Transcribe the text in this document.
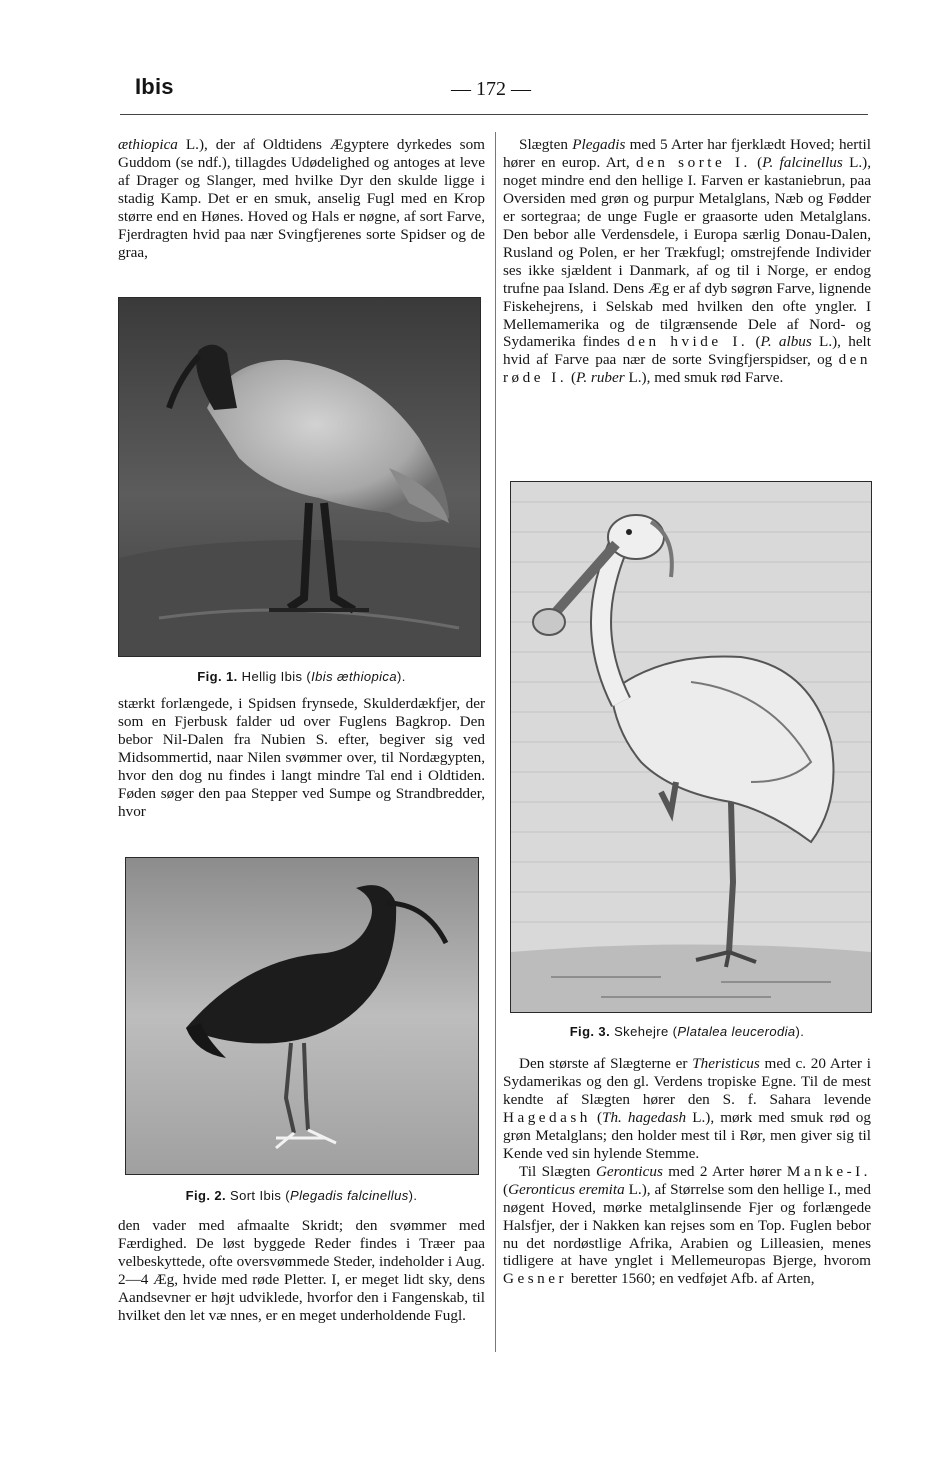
Ibis	— 172 —

æthiopica L.), der af Oldtidens Ægyptere dyrkedes som Guddom (se ndf.), tillagdes Udødelighed og antoges at leve af Drager og Slanger, med hvilke Dyr den skulde ligge i stadig Kamp. Det er en smuk, anselig Fugl med en Krop større end en Hønes. Hoved og Hals er nøgne, af sort Farve, Fjerdragten hvid paa nær Svingfjerenes sorte Spidser og de graa,

Fig. 1. Hellig Ibis (Ibis æthiopica).

stærkt forlængede, i Spidsen frynsede, Skulderdækfjer, der som en Fjerbusk falder ud over Fuglens Bagkrop. Den bebor Nil-Dalen fra Nubien S. efter, begiver sig ved Midsommertid, naar Nilen svømmer over, til Nordægypten, hvor den dog nu findes i langt mindre Tal end i Oldtiden. Føden søger den paa Stepper ved Sumpe og Strandbredder, hvor

Fig. 2. Sort Ibis (Plegadis falcinellus).

den vader med afmaalte Skridt; den svømmer med Færdighed. De løst byggede Reder findes i Træer paa velbeskyttede, ofte oversvømmede Steder, indeholder i Aug. 2—4 Æg, hvide med røde Pletter. I, er meget lidt sky, dens Aandsevner er højt udviklede, hvorfor den i Fangenskab, til hvilket den let væ nnes, er en meget underholdende Fugl.

Slægten Plegadis med 5 Arter har fjerklædt Hoved; hertil hører en europ. Art, den sorte I. (P. falcinellus L.), noget mindre end den hellige I. Farven er kastaniebrun, paa Oversiden med grøn og purpur Metalglans, Næb og Fødder er sortegraa; de unge Fugle er graasorte uden Metalglans. Den bebor alle Verdensdele, i Europa særlig Donau-Dalen, Rusland og Polen, er her Trækfugl; omstrejfende Individer ses ikke sjældent i Danmark, af og til i Norge, er endog trufne paa Island. Dens Æg er af dyb søgrøn Farve, lignende Fiskehejrens, i Selskab med hvilken den ofte yngler. I Mellemamerika og de tilgrænsende Dele af Nord- og Sydamerika findes den hvide I. (P. albus L.), helt hvid af Farve paa nær de sorte Svingfjerspidser, og den røde I. (P. ruber L.), med smuk rød Farve.

Fig. 3. Skehejre (Platalea leucerodia).

Den største af Slægterne er Theristicus med c. 20 Arter i Sydamerikas og den gl. Verdens tropiske Egne. Til de mest kendte af Slægten hører den S. f. Sahara levende Hagedash (Th. hagedash L.), mørk med smuk rød og grøn Metalglans; den holder mest til i Rør, men giver sig til Kende ved sin hylende Stemme.

Til Slægten Geronticus med 2 Arter hører Manke-I. (Geronticus eremita L.), af Størrelse som den hellige I., med nøgent Hoved, mørke metalglinsende Fjer og forlængede Halsfjer, der i Nakken kan rejses som en Top. Fuglen bebor nu det nordøstlige Afrika, Arabien og Lilleasien, menes tidligere at have ynglet i Mellemeuropas Bjerge, hvorom Gesner beretter 1560; en vedføjet Afb. af Arten,
